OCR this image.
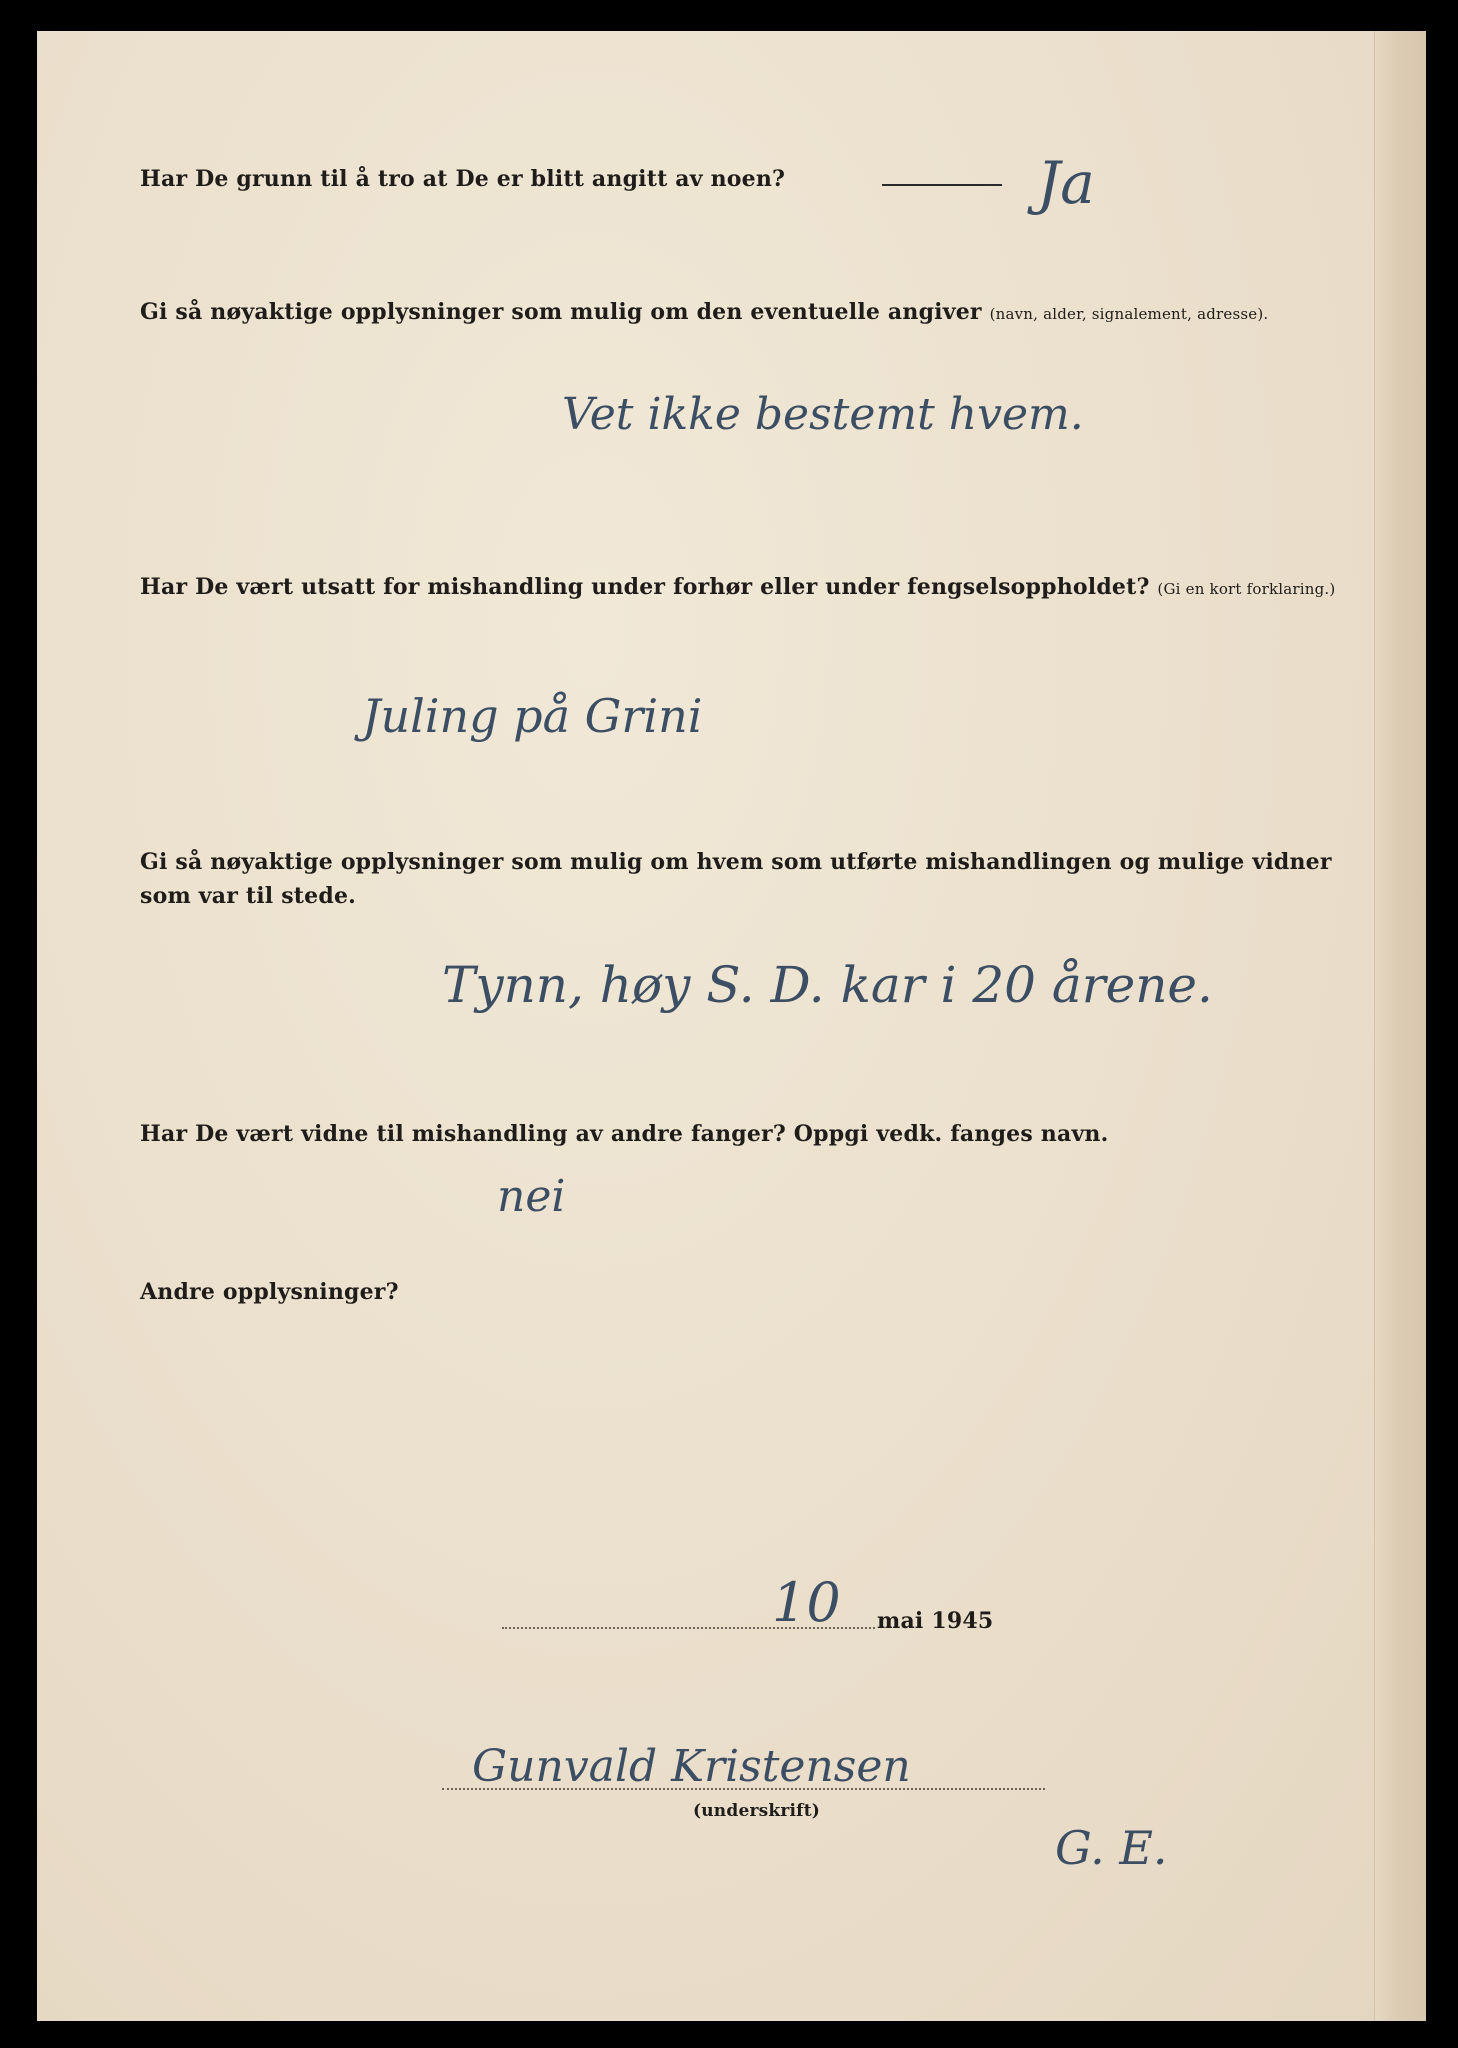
Har De grunn til å tro at De er blitt angitt av noen?	Ja
Gi så nøyaktige opplysninger som mulig om den eventuelle angiver (navn, alder, signalement, adresse).
Vet ikke bestemt hvem.
Har De vært utsatt for mishandling under forhør eller under fengselsoppholdet? (Gi en kort forklaring.)
Juling på Grini
Gi så nøyaktige opplysninger som mulig om hvem som utførte mishandlingen og mulige vidner
som var til stede.
Tynn, høy S. D. kar i 20 årene.
Har De vært vidne til mishandling av andre fanger? Oppgi vedk. fanges navn.
nei
Andre opplysninger?
10 mai 1945
Gunvald Kristensen
(underskrift)
G. E.
